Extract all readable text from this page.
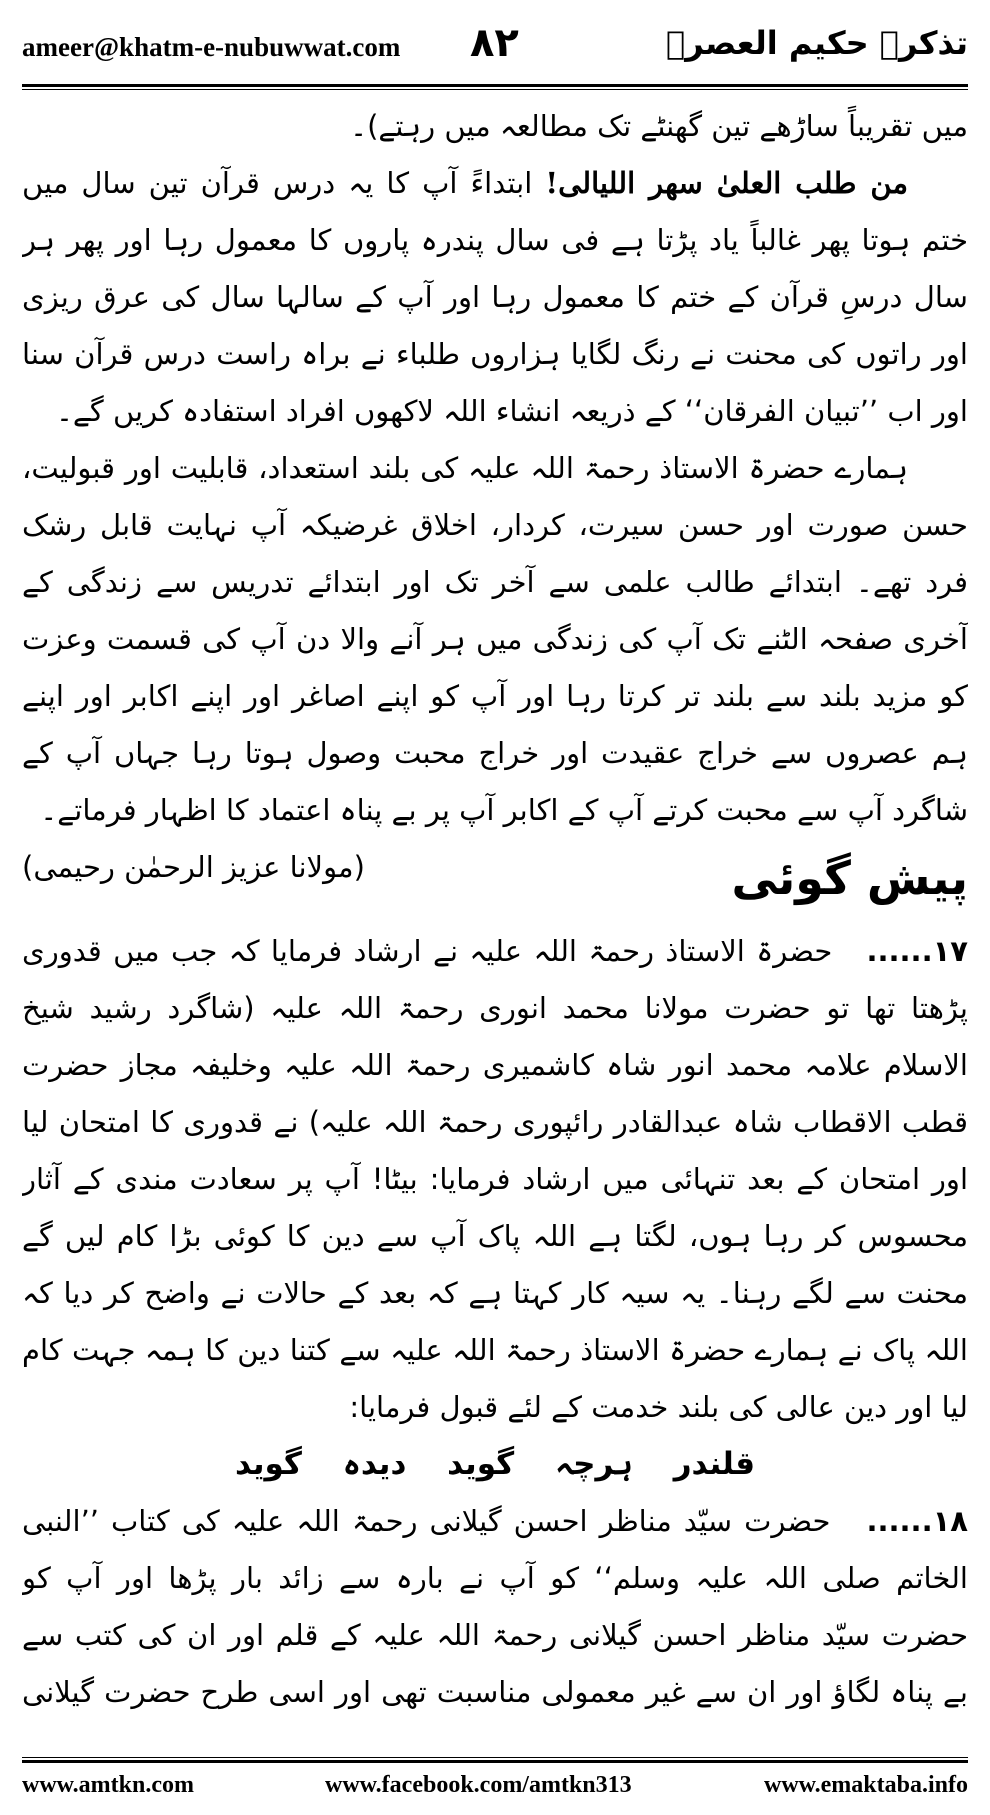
ameer@khatm-e-nubuwwat.com ۸۲	تذکرہ حکیم العصرؒ

میں تقریباً ساڑھے تین گھنٹے تک مطالعہ میں رہتے)۔

من طلب العلیٰ سھر اللیالی! ابتداءً آپ کا یہ درس قرآن تین سال میں ختم ہوتا پھر غالباً یاد پڑتا ہے فی سال پندرہ پاروں کا معمول رہا اور پھر ہر سال درسِ قرآن کے ختم کا معمول رہا اور آپ کے سالہا سال کی عرق ریزی اور راتوں کی محنت نے رنگ لگایا ہزاروں طلباء نے براہ راست درس قرآن سنا اور اب ’’تبیان الفرقان‘‘ کے ذریعہ انشاء اللہ لاکھوں افراد استفادہ کریں گے۔

ہمارے حضرۃ الاستاذ رحمۃ اللہ علیہ کی بلند استعداد، قابلیت اور قبولیت، حسن صورت اور حسن سیرت، کردار، اخلاق غرضیکہ آپ نہایت قابل رشک فرد تھے۔ ابتدائے طالب علمی سے آخر تک اور ابتدائے تدریس سے زندگی کے آخری صفحہ الٹنے تک آپ کی زندگی میں ہر آنے والا دن آپ کی قسمت وعزت کو مزید بلند سے بلند تر کرتا رہا اور آپ کو اپنے اصاغر اور اپنے اکابر اور اپنے ہم عصروں سے خراج عقیدت اور خراج محبت وصول ہوتا رہا جہاں آپ کے شاگرد آپ سے محبت کرتے آپ کے اکابر آپ پر بے پناہ اعتماد کا اظہار فرماتے۔
(مولانا عزیز الرحمٰن رحیمی)	پیش گوئی

۱۷......   حضرۃ الاستاذ رحمۃ اللہ علیہ نے ارشاد فرمایا کہ جب میں قدوری پڑھتا تھا تو حضرت مولانا محمد انوری رحمۃ اللہ علیہ (شاگرد رشید شیخ الاسلام علامہ محمد انور شاہ کاشمیری رحمۃ اللہ علیہ وخلیفہ مجاز حضرت قطب الاقطاب شاہ عبدالقادر رائپوری رحمۃ اللہ علیہ) نے قدوری کا امتحان لیا اور امتحان کے بعد تنہائی میں ارشاد فرمایا: بیٹا! آپ پر سعادت مندی کے آثار محسوس کر رہا ہوں، لگتا ہے اللہ پاک آپ سے دین کا کوئی بڑا کام لیں گے محنت سے لگے رہنا۔ یہ سیہ کار کہتا ہے کہ بعد کے حالات نے واضح کر دیا کہ اللہ پاک نے ہمارے حضرۃ الاستاذ رحمۃ اللہ علیہ سے کتنا دین کا ہمہ جہت کام لیا اور دین عالی کی بلند خدمت کے لئے قبول فرمایا:

قلندر ہرچہ گوید دیدہ گوید

۱۸......   حضرت سیّد مناظر احسن گیلانی رحمۃ اللہ علیہ کی کتاب ’’النبی الخاتم صلی اللہ علیہ وسلم‘‘ کو آپ نے بارہ سے زائد بار پڑھا اور آپ کو حضرت سیّد مناظر احسن گیلانی رحمۃ اللہ علیہ کے قلم اور ان کی کتب سے بے پناہ لگاؤ اور ان سے غیر معمولی مناسبت تھی اور اسی طرح حضرت گیلانی

www.amtkn.com	www.facebook.com/amtkn313	www.emaktaba.info
